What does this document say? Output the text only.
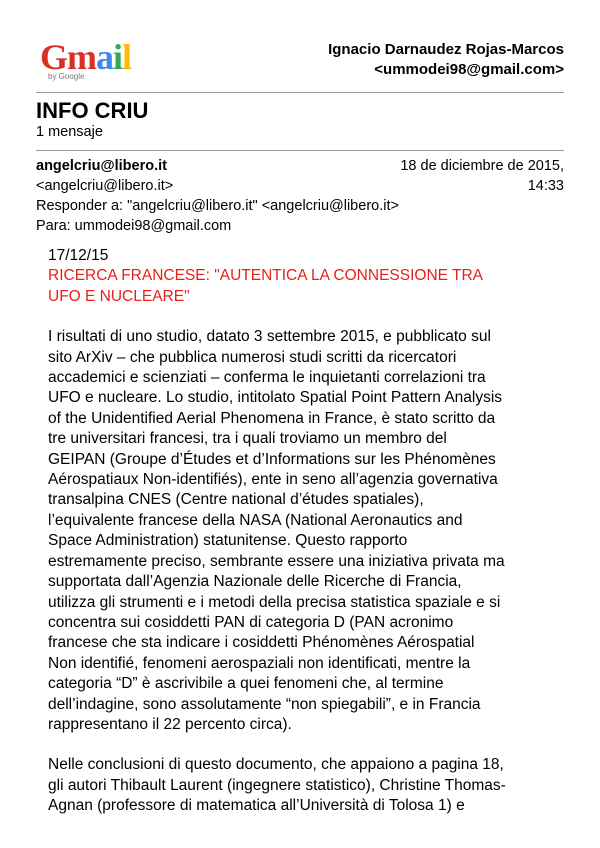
Gmail
by Google
Ignacio Darnaudez Rojas-Marcos
<ummodei98@gmail.com>
INFO CRIU
1 mensaje
angelcriu@libero.it
<angelcriu@libero.it>
Responder a: "angelcriu@libero.it" <angelcriu@libero.it>
Para: ummodei98@gmail.com
18 de diciembre de 2015,
14:33

17/12/15

RICERCA FRANCESE: "AUTENTICA LA CONNESSIONE TRA

UFO E NUCLEARE"

I risultati di uno studio, datato 3 settembre 2015, e pubblicato sul
sito ArXiv – che pubblica numerosi studi scritti da ricercatori
accademici e scienziati – conferma le inquietanti correlazioni tra
UFO e nucleare. Lo studio, intitolato Spatial Point Pattern Analysis
of the Unidentified Aerial Phenomena in France, è stato scritto da
tre universitari francesi, tra i quali troviamo un membro del
GEIPAN (Groupe d’Études et d’Informations sur les Phénomènes
Aérospatiaux Non-identifiés), ente in seno all’agenzia governativa
transalpina CNES (Centre national d’études spatiales),
l’equivalente francese della NASA (National Aeronautics and
Space Administration) statunitense. Questo rapporto
estremamente preciso, sembrante essere una iniziativa privata ma
supportata dall’Agenzia Nazionale delle Ricerche di Francia,
utilizza gli strumenti e i metodi della precisa statistica spaziale e si
concentra sui cosiddetti PAN di categoria D (PAN acronimo
francese che sta indicare i cosiddetti Phénomènes Aérospatial
Non identifié, fenomeni aerospaziali non identificati, mentre la
categoria “D” è ascrivibile a quei fenomeni che, al termine
dell’indagine, sono assolutamente “non spiegabili”, e in Francia
rappresentano il 22 percento circa).
Nelle conclusioni di questo documento, che appaiono a pagina 18,
gli autori Thibault Laurent (ingegnere statistico), Christine Thomas-
Agnan (professore di matematica all’Università di Tolosa 1) e
